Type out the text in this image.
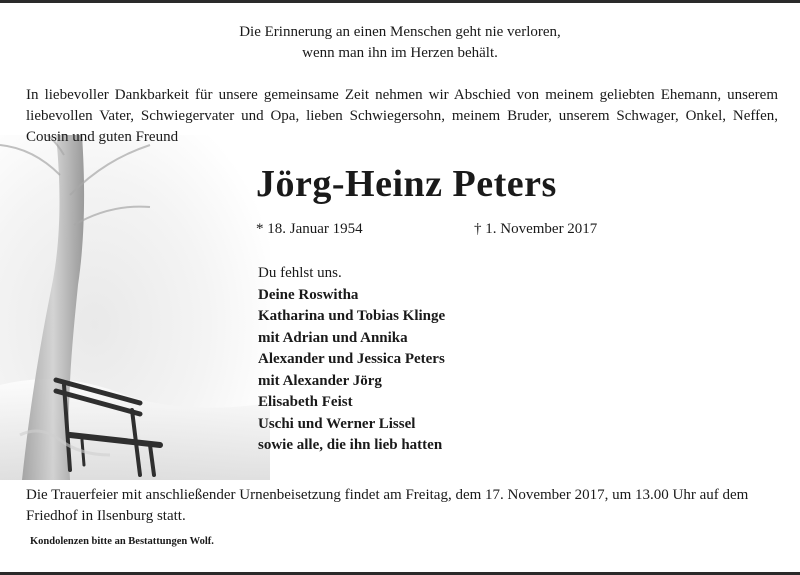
Die Erinnerung an einen Menschen geht nie verloren,
wenn man ihn im Herzen behält.
In liebevoller Dankbarkeit für unsere gemeinsame Zeit nehmen wir Abschied von meinem geliebten Ehemann, unserem liebevollen Vater, Schwiegervater und Opa, lieben Schwiegersohn, meinem Bruder, unserem Schwager, Onkel, Neffen, Cousin und guten Freund
Jörg-Heinz Peters
* 18. Januar 1954	† 1. November 2017
Du fehlst uns.
Deine Roswitha
Katharina und Tobias Klinge
mit Adrian und Annika
Alexander und Jessica Peters
mit Alexander Jörg
Elisabeth Feist
Uschi und Werner Lissel
sowie alle, die ihn lieb hatten
Die Trauerfeier mit anschließender Urnenbeisetzung findet am Freitag, dem 17. November 2017, um 13.00 Uhr auf dem Friedhof in Ilsenburg statt.
Kondolenzen bitte an Bestattungen Wolf.
